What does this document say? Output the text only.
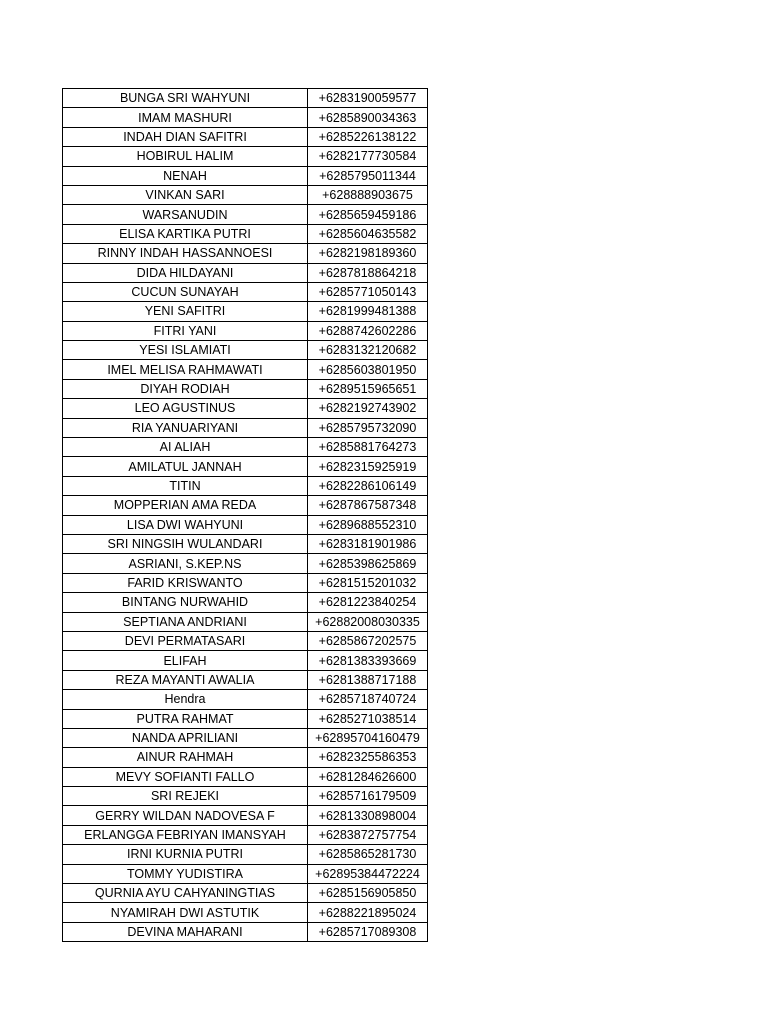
BUNGA SRI WAHYUNI	+6283190059577
IMAM MASHURI	+6285890034363
INDAH DIAN SAFITRI	+6285226138122
HOBIRUL HALIM	+6282177730584
NENAH	+6285795011344
VINKAN SARI	+628888903675
WARSANUDIN	+6285659459186
ELISA KARTIKA PUTRI	+6285604635582
RINNY INDAH HASSANNOESI	+6282198189360
DIDA HILDAYANI	+6287818864218
CUCUN SUNAYAH	+6285771050143
YENI SAFITRI	+6281999481388
FITRI YANI	+6288742602286
YESI ISLAMIATI	+6283132120682
IMEL MELISA RAHMAWATI	+6285603801950
DIYAH RODIAH	+6289515965651
LEO AGUSTINUS	+6282192743902
RIA YANUARIYANI	+6285795732090
AI ALIAH	+6285881764273
AMILATUL JANNAH	+6282315925919
TITIN	+6282286106149
MOPPERIAN AMA REDA	+6287867587348
LISA DWI WAHYUNI	+6289688552310
SRI NINGSIH WULANDARI	+6283181901986
ASRIANI, S.KEP.NS	+6285398625869
FARID KRISWANTO	+6281515201032
BINTANG NURWAHID	+6281223840254
SEPTIANA ANDRIANI	+62882008030335
DEVI PERMATASARI	+6285867202575
ELIFAH	+6281383393669
REZA MAYANTI AWALIA	+6281388717188
Hendra	+6285718740724
PUTRA RAHMAT	+6285271038514
NANDA APRILIANI	+62895704160479
AINUR RAHMAH	+6282325586353
MEVY SOFIANTI FALLO	+6281284626600
SRI REJEKI	+6285716179509
GERRY WILDAN NADOVESA F	+6281330898004
ERLANGGA FEBRIYAN IMANSYAH	+6283872757754
IRNI KURNIA PUTRI	+6285865281730
TOMMY YUDISTIRA	+62895384472224
QURNIA AYU CAHYANINGTIAS	+6285156905850
NYAMIRAH DWI ASTUTIK	+6288221895024
DEVINA MAHARANI	+6285717089308
